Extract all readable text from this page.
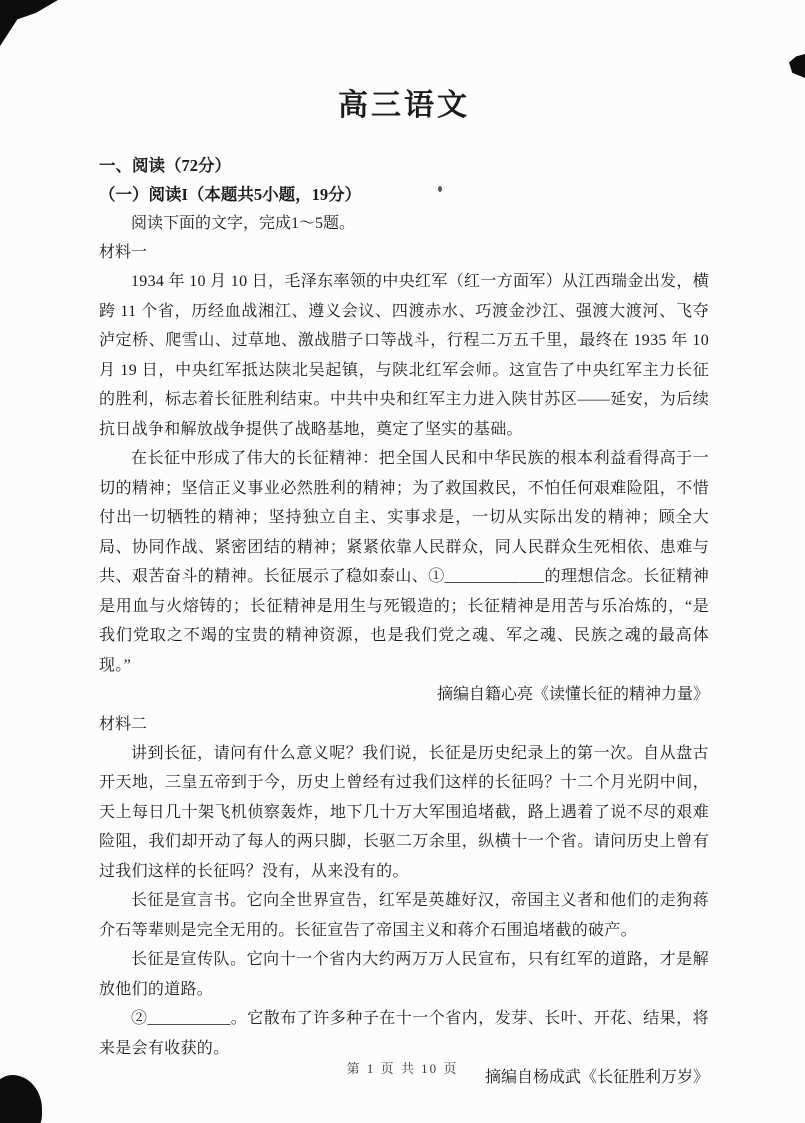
高三语文
一、阅读（72分）
（一）阅读I（本题共5小题，19分）
阅读下面的文字，完成1～5题。
材料一

1934 年 10 月 10 日，毛泽东率领的中央红军（红一方面军）从江西瑞金出发，横跨 11 个省，历经血战湘江、遵义会议、四渡赤水、巧渡金沙江、强渡大渡河、飞夺泸定桥、爬雪山、过草地、激战腊子口等战斗，行程二万五千里，最终在 1935 年 10 月 19 日，中央红军抵达陕北吴起镇，与陕北红军会师。这宣告了中央红军主力长征的胜利，标志着长征胜利结束。中共中央和红军主力进入陕甘苏区——延安，为后续抗日战争和解放战争提供了战略基地，奠定了坚实的基础。

在长征中形成了伟大的长征精神：把全国人民和中华民族的根本利益看得高于一切的精神；坚信正义事业必然胜利的精神；为了救国救民，不怕任何艰难险阻，不惜付出一切牺牲的精神；坚持独立自主、实事求是，一切从实际出发的精神；顾全大局、协同作战、紧密团结的精神；紧紧依靠人民群众，同人民群众生死相依、患难与共、艰苦奋斗的精神。长征展示了稳如泰山、①____________的理想信念。长征精神是用血与火熔铸的；长征精神是用生与死锻造的；长征精神是用苦与乐冶炼的，“是我们党取之不竭的宝贵的精神资源，也是我们党之魂、军之魂、民族之魂的最高体现。”

摘编自籍心亮《读懂长征的精神力量》
材料二

讲到长征，请问有什么意义呢？我们说，长征是历史纪录上的第一次。自从盘古开天地，三皇五帝到于今，历史上曾经有过我们这样的长征吗？十二个月光阴中间，天上每日几十架飞机侦察轰炸，地下几十万大军围追堵截，路上遇着了说不尽的艰难险阻，我们却开动了每人的两只脚，长驱二万余里，纵横十一个省。请问历史上曾有过我们这样的长征吗？没有，从来没有的。

长征是宣言书。它向全世界宣告，红军是英雄好汉，帝国主义者和他们的走狗蒋介石等辈则是完全无用的。长征宣告了帝国主义和蒋介石围追堵截的破产。

长征是宣传队。它向十一个省内大约两万万人民宣布，只有红军的道路，才是解放他们的道路。

②__________。它散布了许多种子在十一个省内，发芽、长叶、开花、结果，将来是会有收获的。

摘编自杨成武《长征胜利万岁》
第 1 页 共 10 页
